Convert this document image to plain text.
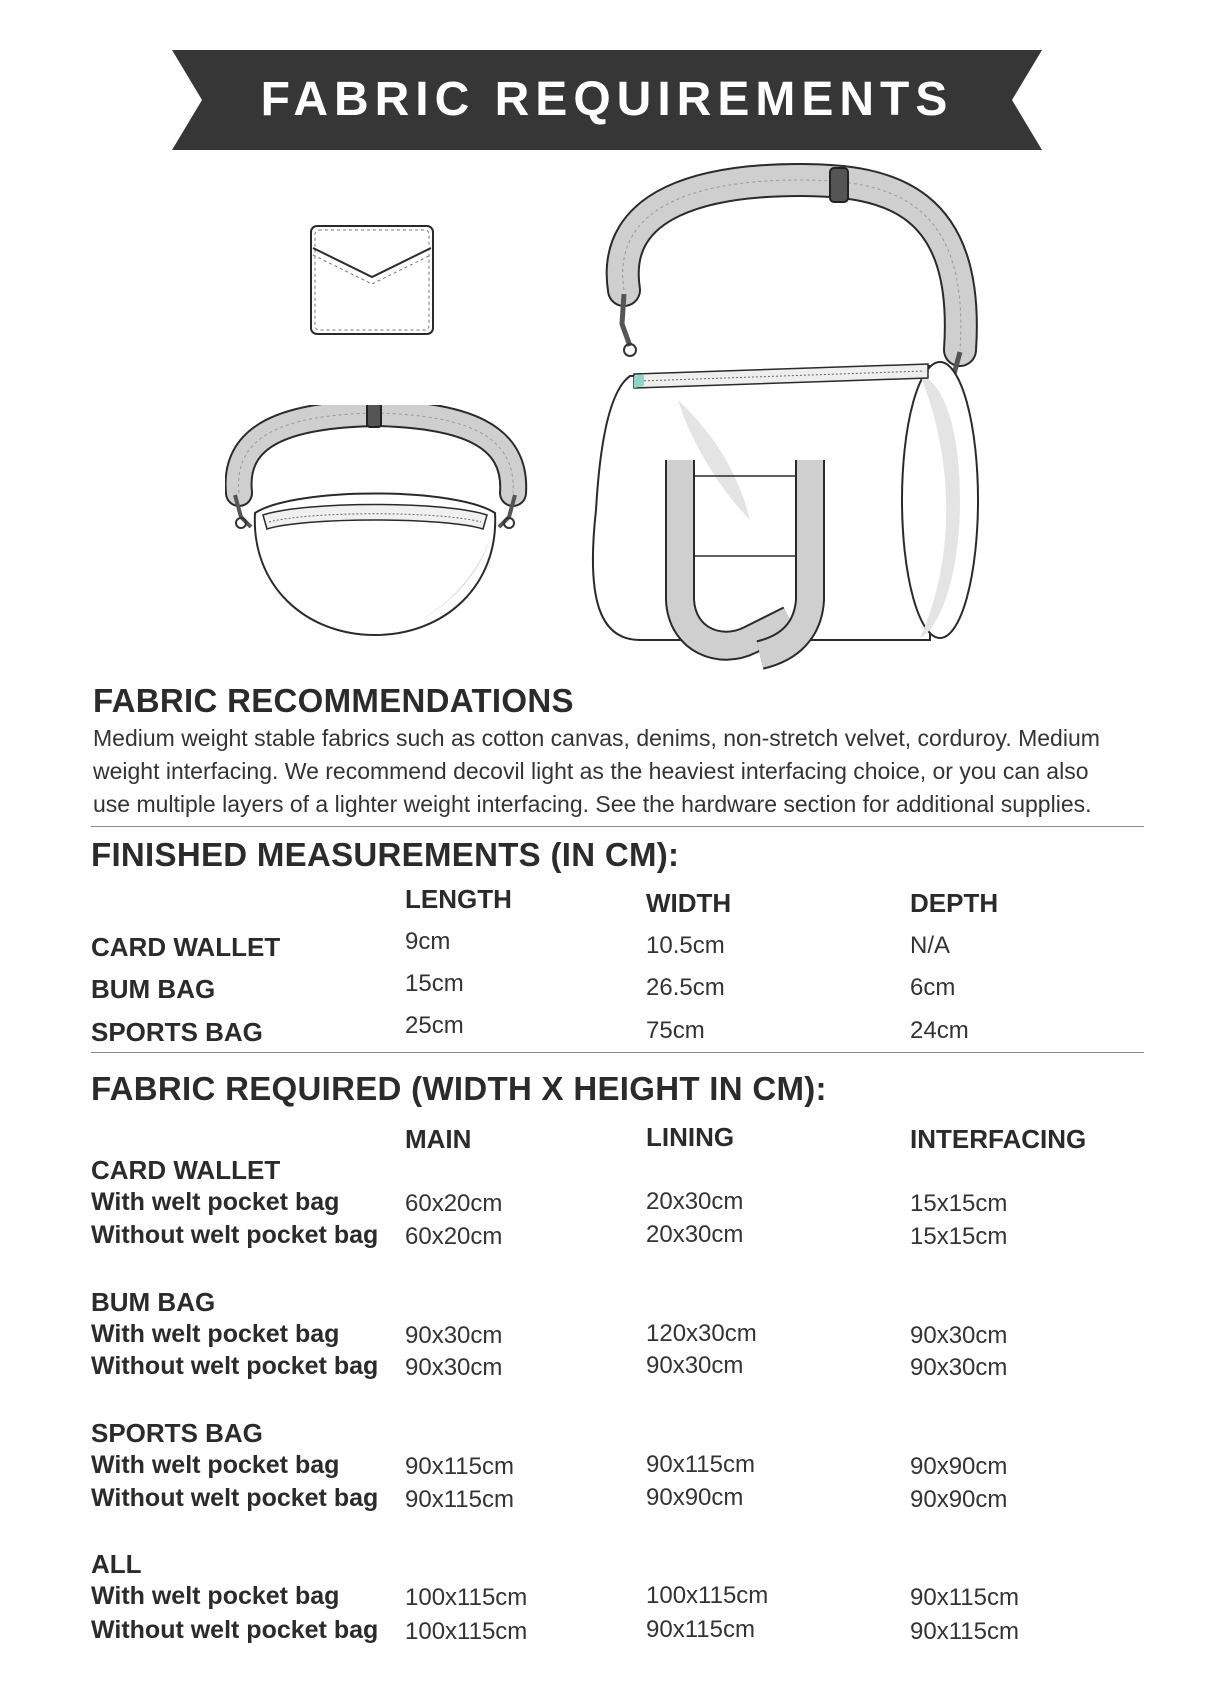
FABRIC REQUIREMENTS
FABRIC RECOMMENDATIONS
Medium weight stable fabrics such as cotton canvas, denims, non-stretch velvet, corduroy. Medium
weight interfacing. We recommend decovil light as the heaviest interfacing choice, or you can also
use multiple layers of a lighter weight interfacing. See the hardware section for additional supplies.
FINISHED MEASUREMENTS (IN CM):
LENGTH	WIDTH	DEPTH
CARD WALLET	9cm	10.5cm	N/A
BUM BAG	15cm	26.5cm	6cm
SPORTS BAG	25cm	75cm	24cm
FABRIC REQUIRED (WIDTH X HEIGHT IN CM):
MAIN	LINING	INTERFACING
CARD WALLET
With welt pocket bag	60x20cm	20x30cm	15x15cm
Without welt pocket bag 60x20cm	20x30cm	15x15cm
BUM BAG
With welt pocket bag	90x30cm	120x30cm	90x30cm
Without welt pocket bag 90x30cm	90x30cm	90x30cm
SPORTS BAG
With welt pocket bag	90x115cm	90x115cm	90x90cm
Without welt pocket bag 90x115cm	90x90cm	90x90cm
ALL
With welt pocket bag	100x115cm	100x115cm	90x115cm
Without welt pocket bag 100x115cm	90x115cm	90x115cm
